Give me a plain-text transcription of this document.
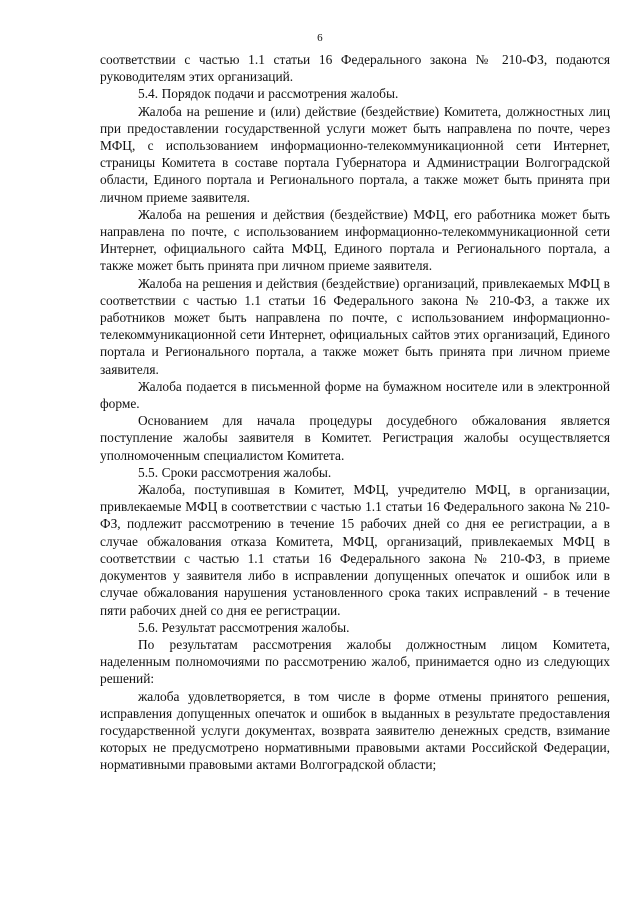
6

соответствии с частью 1.1 статьи 16 Федерального закона № 210-ФЗ, подаются руководителям этих организаций.

5.4. Порядок подачи и рассмотрения жалобы.

Жалоба на решение и (или) действие (бездействие) Комитета, должностных лиц при предоставлении государственной услуги может быть направлена по почте, через МФЦ, с использованием информационно-телекоммуникационной сети Интернет, страницы Комитета в составе портала Губернатора и Администрации Волгоградской области, Единого портала и Регионального портала, а также может быть принята при личном приеме заявителя.

Жалоба на решения и действия (бездействие) МФЦ, его работника может быть направлена по почте, с использованием информационно-телекоммуникационной сети Интернет, официального сайта МФЦ, Единого портала и Регионального портала, а также может быть принята при личном приеме заявителя.

Жалоба на решения и действия (бездействие) организаций, привлекаемых МФЦ в соответствии с частью 1.1 статьи 16 Федерального закона № 210-ФЗ, а также их работников может быть направлена по почте, с использованием информационно-телекоммуникационной сети Интернет, официальных сайтов этих организаций, Единого портала и Регионального портала, а также может быть принята при личном приеме заявителя.

Жалоба подается в письменной форме на бумажном носителе или в электронной форме.

Основанием для начала процедуры досудебного обжалования является поступление жалобы заявителя в Комитет. Регистрация жалобы осуществляется уполномоченным специалистом Комитета.

5.5. Сроки рассмотрения жалобы.

Жалоба, поступившая в Комитет, МФЦ, учредителю МФЦ, в организации, привлекаемые МФЦ в соответствии с частью 1.1 статьи 16 Федерального закона № 210-ФЗ, подлежит рассмотрению в течение 15 рабочих дней со дня ее регистрации, а в случае обжалования отказа Комитета, МФЦ, организаций, привлекаемых МФЦ в соответствии с частью 1.1 статьи 16 Федерального закона № 210-ФЗ, в приеме документов у заявителя либо в исправлении допущенных опечаток и ошибок или в случае обжалования нарушения установленного срока таких исправлений - в течение пяти рабочих дней со дня ее регистрации.

5.6. Результат рассмотрения жалобы.

По результатам рассмотрения жалобы должностным лицом Комитета, наделенным полномочиями по рассмотрению жалоб, принимается одно из следующих решений:

жалоба удовлетворяется, в том числе в форме отмены принятого решения, исправления допущенных опечаток и ошибок в выданных в результате предоставления государственной услуги документах, возврата заявителю денежных средств, взимание которых не предусмотрено нормативными правовыми актами Российской Федерации, нормативными правовыми актами Волгоградской области;
